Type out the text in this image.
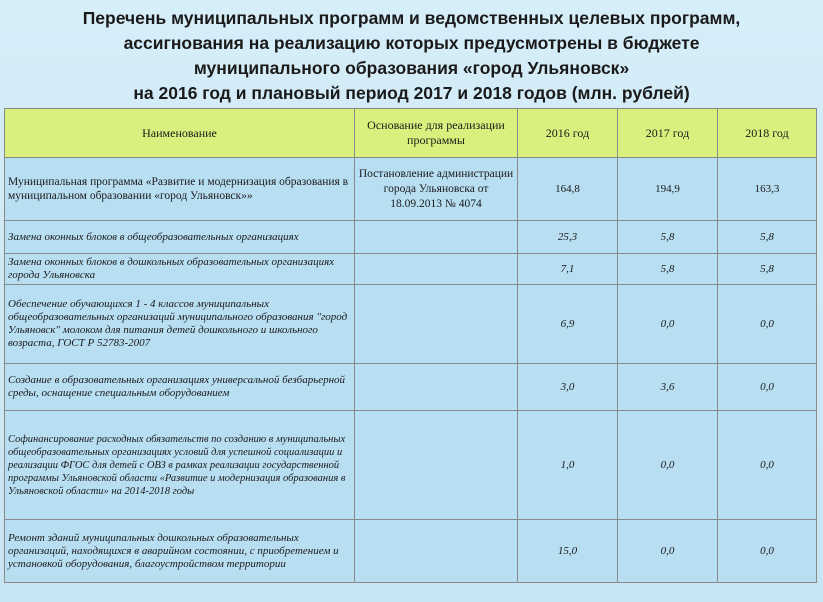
Перечень муниципальных программ и ведомственных целевых программ,
ассигнования на реализацию которых предусмотрены в бюджете
муниципального образования «город Ульяновск»
на 2016 год и плановый период 2017 и 2018 годов (млн. рублей)
Наименование	Основание для реализации программы	2016 год	2017 год	2018 год
Муниципальная программа «Развитие и модернизация образования в муниципальном образовании «город Ульяновск»»	Постановление администрации города Ульяновска от 18.09.2013 № 4074	164,8	194,9	163,3
Замена оконных блоков в общеобразовательных организациях		25,3	5,8	5,8
Замена оконных блоков в дошкольных образовательных организациях города Ульяновска		7,1	5,8	5,8
Обеспечение обучающихся 1 - 4 классов муниципальных общеобразовательных организаций муниципального образования "город Ульяновск" молоком для питания детей дошкольного и школьного возраста, ГОСТ Р 52783-2007		6,9	0,0	0,0
Создание в образовательных организациях универсальной безбарьерной среды, оснащение специальным оборудованием		3,0	3,6	0,0
Софинансирование расходных обязательств по созданию в муниципальных общеобразовательных организациях условий для успешной социализации и реализации ФГОС для детей с ОВЗ в рамках реализации государственной программы Ульяновской области «Развитие и модернизация образования в Ульяновской области» на 2014-2018 годы		1,0	0,0	0,0
Ремонт зданий муниципальных дошкольных образовательных организаций, находящихся в аварийном состоянии, с приобретением и установкой оборудования, благоустройством территории		15,0	0,0	0,0
